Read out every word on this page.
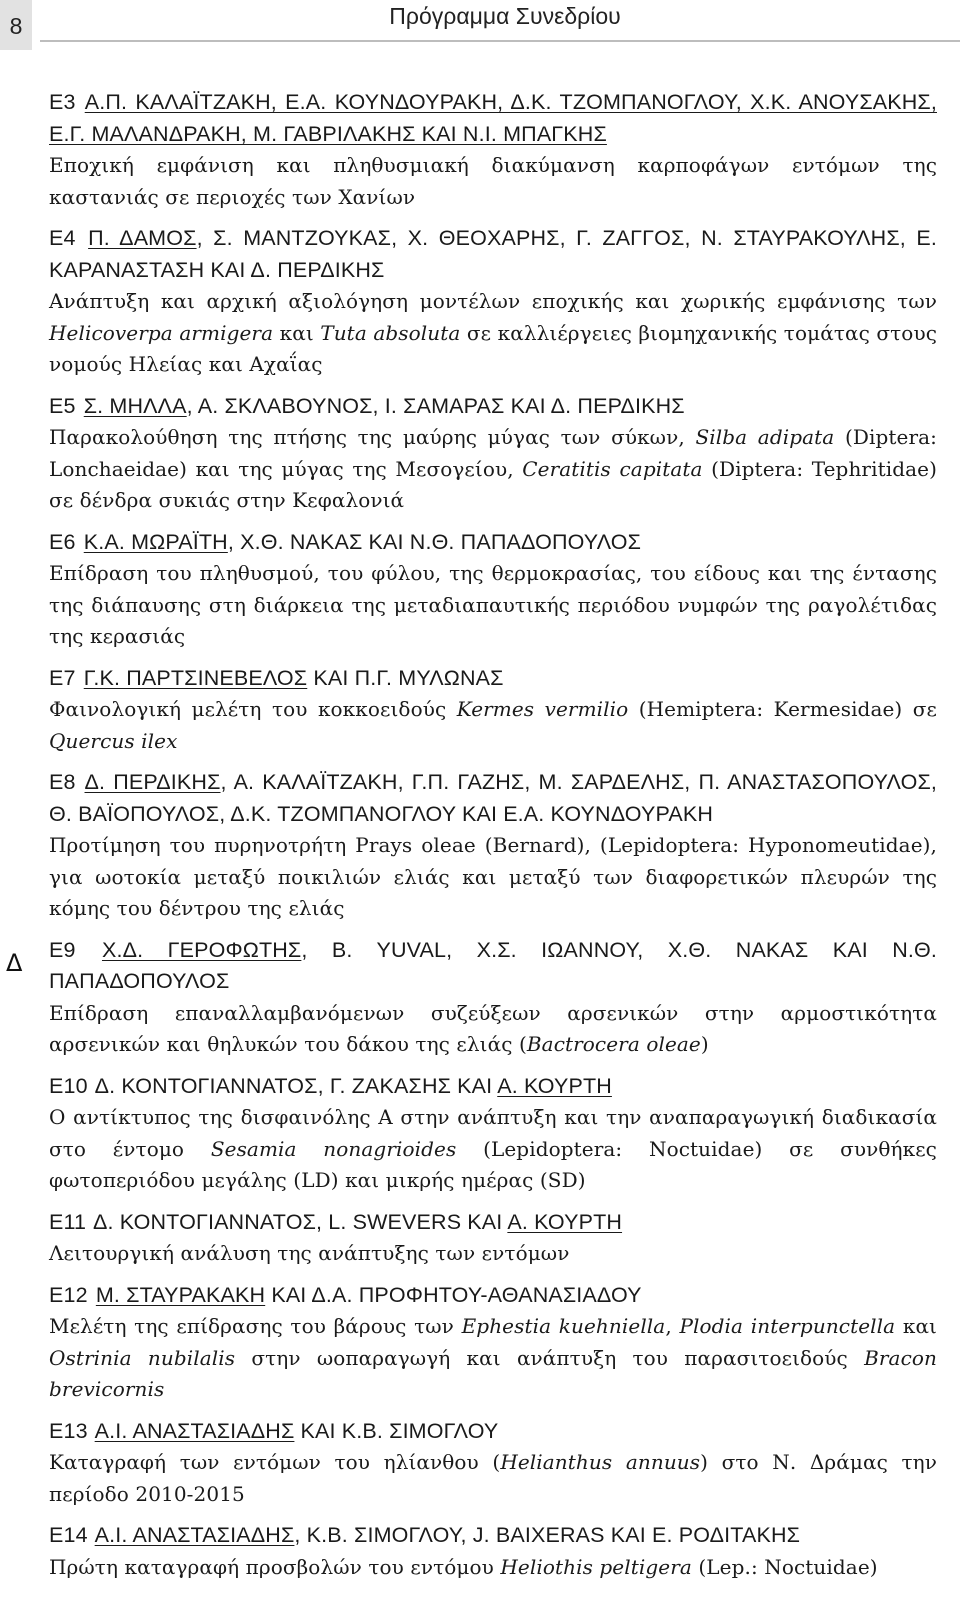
8	Πρόγραμμα Συνεδρίου
Δ

Ε3 Α.Π. ΚΑΛΑΪΤΖΑΚΗ, Ε.Α. ΚΟΥΝΔΟΥΡΑΚΗ, Δ.Κ. ΤΖΟΜΠΑΝΟΓΛΟΥ, Χ.Κ. ΑΝΟΥΣΑΚΗΣ, Ε.Γ. ΜΑΛΑΝΔΡΑΚΗ, Μ. ΓΑΒΡΙΛΑΚΗΣ ΚΑΙ Ν.Ι. ΜΠΑΓΚΗΣ

Εποχική εμφάνιση και πληθυσμιακή διακύμανση καρποφάγων εντόμων της καστανιάς σε περιοχές των Χανίων

Ε4 Π. ΔΑΜΟΣ, Σ. ΜΑΝΤΖΟΥΚΑΣ, Χ. ΘΕΟΧΑΡΗΣ, Γ. ΖΑΓΓΟΣ, Ν. ΣΤΑΥΡΑΚΟΥΛΗΣ, Ε. ΚΑΡΑΝΑΣΤΑΣΗ ΚΑΙ Δ. ΠΕΡΔΙΚΗΣ

Ανάπτυξη και αρχική αξιολόγηση μοντέλων εποχικής και χωρικής εμφάνισης των Helicoverpa armigera και Tuta absoluta σε καλλιέργειες βιομηχανικής τομάτας στους νομούς Ηλείας και Αχαΐας

Ε5 Σ. ΜΗΛΛΑ, Α. ΣΚΛΑΒΟΥΝΟΣ, Ι. ΣΑΜΑΡΑΣ ΚΑΙ Δ. ΠΕΡΔΙΚΗΣ

Παρακολούθηση της πτήσης της μαύρης μύγας των σύκων, Silba adipata (Diptera: Lonchaeidae) και της μύγας της Μεσογείου, Ceratitis capitata (Diptera: Tephritidae) σε δένδρα συκιάς στην Κεφαλονιά

Ε6 Κ.Α. ΜΩΡΑΪΤΗ, Χ.Θ. ΝΑΚΑΣ ΚΑΙ Ν.Θ. ΠΑΠΑΔΟΠΟΥΛΟΣ

Επίδραση του πληθυσμού, του φύλου, της θερμοκρασίας, του είδους και της έντασης της διάπαυσης στη διάρκεια της μεταδιαπαυτικής περιόδου νυμφών της ραγολέτιδας της κερασιάς

Ε7 Γ.Κ. ΠΑΡΤΣΙΝΕΒΕΛΟΣ ΚΑΙ Π.Γ. ΜΥΛΩΝΑΣ

Φαινολογική μελέτη του κοκκοειδούς Kermes vermilio (Hemiptera: Kermesidae) σε Quercus ilex

Ε8 Δ. ΠΕΡΔΙΚΗΣ, Α. ΚΑΛΑΪΤΖΑΚΗ, Γ.Π. ΓΑΖΗΣ, Μ. ΣΑΡΔΕΛΗΣ, Π. ΑΝΑΣΤΑΣΟΠΟΥΛΟΣ, Θ. ΒΑΪΟΠΟΥΛΟΣ, Δ.Κ. ΤΖΟΜΠΑΝΟΓΛΟΥ ΚΑΙ Ε.Α. ΚΟΥΝΔΟΥΡΑΚΗ

Προτίμηση του πυρηνοτρήτη Prays oleae (Bernard), (Lepidoptera: Hyponomeutidae), για ωοτοκία μεταξύ ποικιλιών ελιάς και μεταξύ των διαφορετικών πλευρών της κόμης του δέντρου της ελιάς

Ε9 Χ.Δ. ΓΕΡΟΦΩΤΗΣ, B. YUVAL, Χ.Σ. ΙΩΑΝΝΟΥ, Χ.Θ. ΝΑΚΑΣ ΚΑΙ Ν.Θ. ΠΑΠΑΔΟΠΟΥΛΟΣ

Επίδραση επαναλλαμβανόμενων συζεύξεων αρσενικών στην αρμοστικότητα αρσενικών και θηλυκών του δάκου της ελιάς (Bactrocera oleae)

Ε10 Δ. ΚΟΝΤΟΓΙΑΝΝΑΤΟΣ, Γ. ΖΑΚΑΣΗΣ ΚΑΙ Α. ΚΟΥΡΤΗ

Ο αντίκτυπος της δισφαινόλης Α στην ανάπτυξη και την αναπαραγωγική διαδικασία στο έντομο Sesamia nonagrioides (Lepidoptera: Noctuidae) σε συνθήκες φωτοπεριόδου μεγάλης (LD) και μικρής ημέρας (SD)

Ε11 Δ. ΚΟΝΤΟΓΙΑΝΝΑΤΟΣ, L. SWEVERS ΚΑΙ Α. ΚΟΥΡΤΗ

Λειτουργική ανάλυση της ανάπτυξης των εντόμων

Ε12 Μ. ΣΤΑΥΡΑΚΑΚΗ ΚΑΙ Δ.Α. ΠΡΟΦΗΤΟΥ-ΑΘΑΝΑΣΙΑΔΟΥ

Μελέτη της επίδρασης του βάρους των Ephestia kuehniella, Plodia interpunctella και Ostrinia nubilalis στην ωοπαραγωγή και ανάπτυξη του παρασιτοειδούς Bracon brevicornis

Ε13 Α.Ι. ΑΝΑΣΤΑΣΙΑΔΗΣ ΚΑΙ Κ.Β. ΣΙΜΟΓΛΟΥ

Καταγραφή των εντόμων του ηλίανθου (Helianthus annuus) στο Ν. Δράμας την περίοδο 2010-2015

Ε14 Α.Ι. ΑΝΑΣΤΑΣΙΑΔΗΣ, Κ.Β. ΣΙΜΟΓΛΟΥ, J. BAIXERAS ΚΑΙ Ε. ΡΟΔΙΤΑΚΗΣ

Πρώτη καταγραφή προσβολών του εντόμου Heliothis peltigera (Lep.: Noctuidae)
